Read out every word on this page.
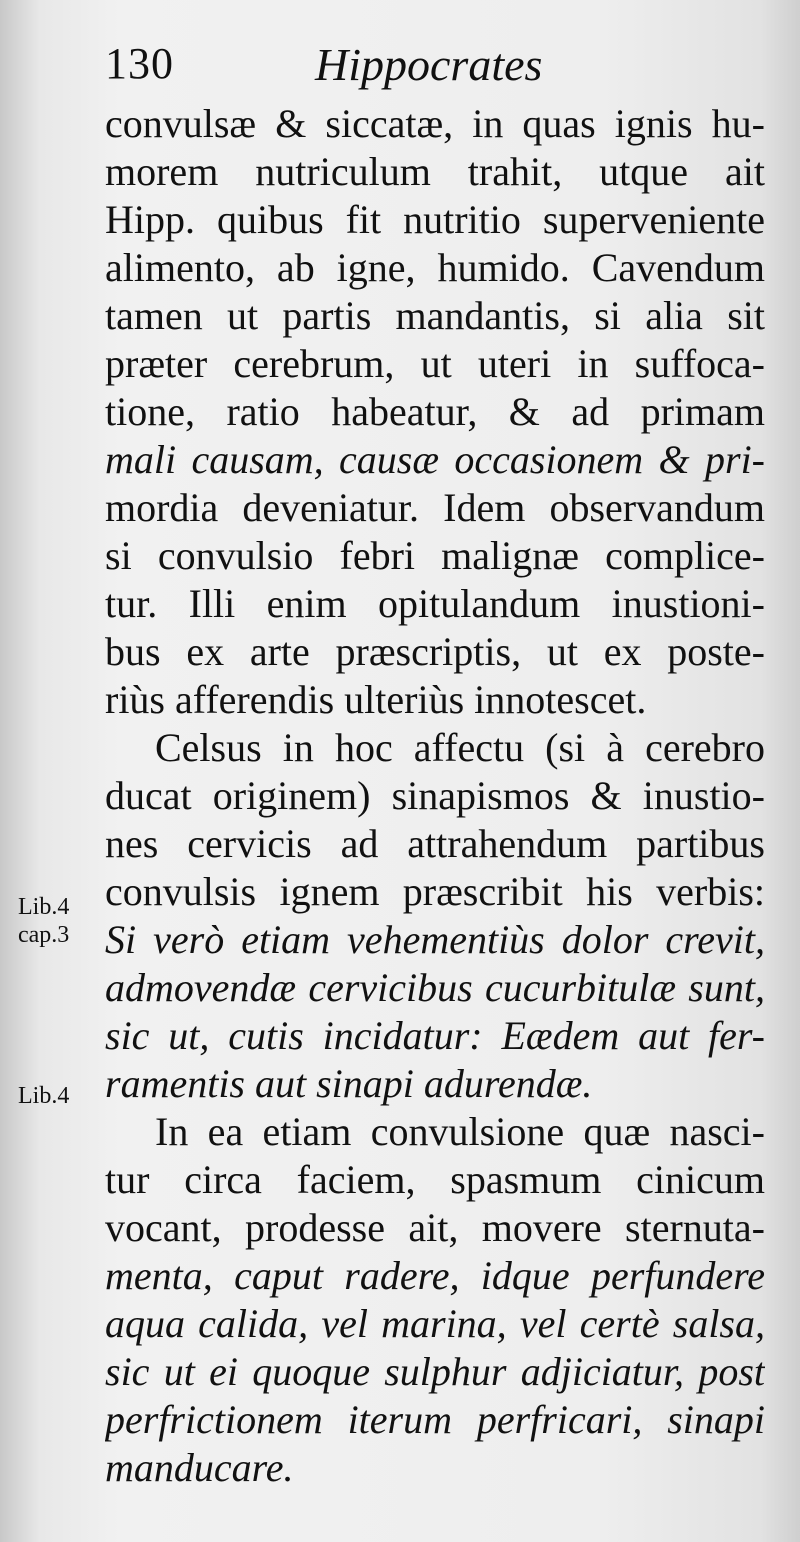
130	Hippocrates
Lib.4
cap.3
Lib.4
convulsæ & siccatæ, in quas ignis hu-
morem nutriculum trahit, utque ait
Hipp. quibus fit nutritio superveniente
alimento, ab igne, humido. Cavendum
tamen ut partis mandantis, si alia sit
præter cerebrum, ut uteri in suffoca-
tione, ratio habeatur, & ad primam
mali causam, causæ occasionem & pri-
mordia deveniatur. Idem observandum
si convulsio febri malignæ complice-
tur. Illi enim opitulandum inustioni-
bus ex arte præscriptis, ut ex poste-
riùs afferendis ulteriùs innotescet.
Celsus in hoc affectu (si à cerebro
ducat originem) sinapismos & inustio-
nes cervicis ad attrahendum partibus
convulsis ignem præscribit his verbis:
Si verò etiam vehementiùs dolor crevit,
admovendæ cervicibus cucurbitulæ sunt,
sic ut, cutis incidatur: Eædem aut fer-
ramentis aut sinapi adurendæ.
In ea etiam convulsione quæ nasci-
tur circa faciem, spasmum cinicum
vocant, prodesse ait, movere sternuta-
menta, caput radere, idque perfundere
aqua calida, vel marina, vel certè salsa,
sic ut ei quoque sulphur adjiciatur, post
perfrictionem iterum perfricari, sinapi
manducare.
